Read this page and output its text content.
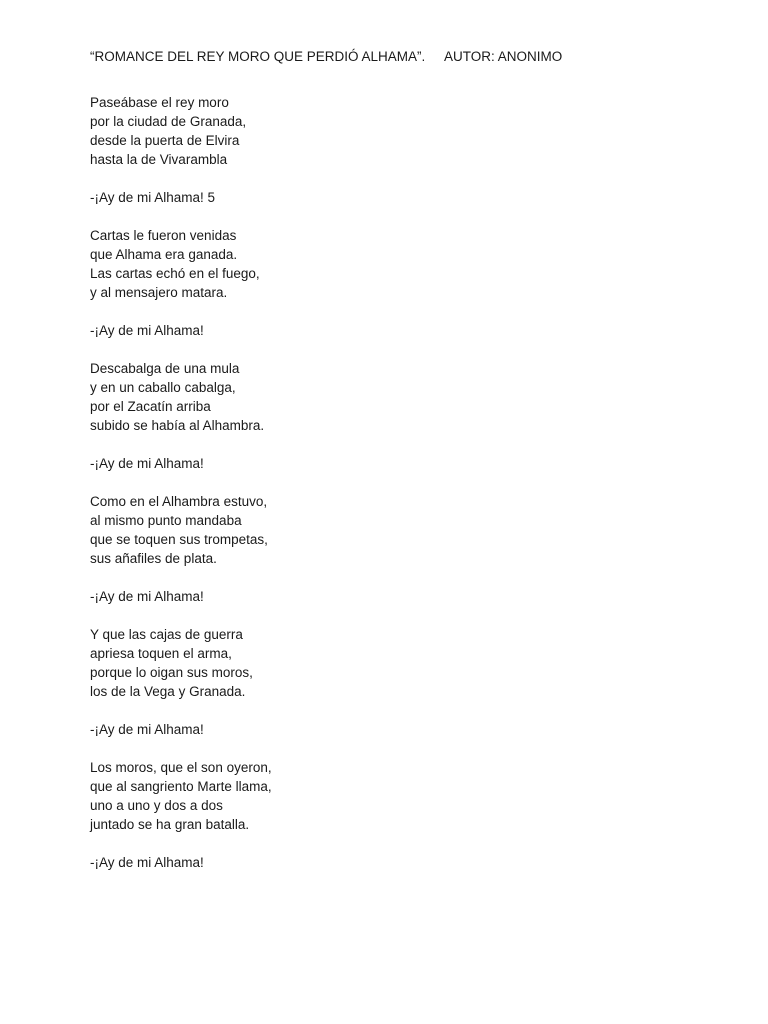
“ROMANCE DEL REY MORO QUE PERDIÓ ALHAMA”. AUTOR: ANONIMO
Paseábase el rey moro
por la ciudad de Granada,
desde la puerta de Elvira
hasta la de Vivarambla
-¡Ay de mi Alhama! 5
Cartas le fueron venidas
que Alhama era ganada.
Las cartas echó en el fuego,
y al mensajero matara.
-¡Ay de mi Alhama!
Descabalga de una mula
y en un caballo cabalga,
por el Zacatín arriba
subido se había al Alhambra.
-¡Ay de mi Alhama!
Como en el Alhambra estuvo,
al mismo punto mandaba
que se toquen sus trompetas,
sus añafiles de plata.
-¡Ay de mi Alhama!
Y que las cajas de guerra
apriesa toquen el arma,
porque lo oigan sus moros,
los de la Vega y Granada.
-¡Ay de mi Alhama!
Los moros, que el son oyeron,
que al sangriento Marte llama,
uno a uno y dos a dos
juntado se ha gran batalla.
-¡Ay de mi Alhama!
